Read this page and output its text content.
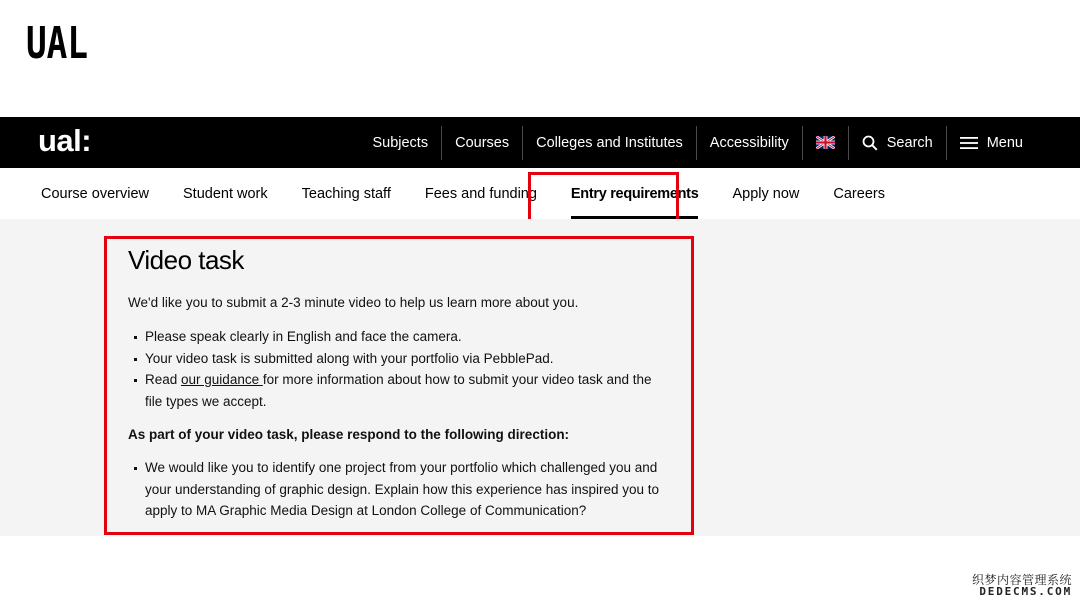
UAL
ual:	Subjects	Courses	Colleges and Institutes	Accessibility	Search	Menu
Course overview	Student work	Teaching staff	Fees and funding	Entry requirements	Apply now	Careers
Video task

We'd like you to submit a 2-3 minute video to help us learn more about you.

Please speak clearly in English and face the camera.
Your video task is submitted along with your portfolio via PebblePad.
Read our guidance for more information about how to submit your video task and the file types we accept.

As part of your video task, please respond to the following direction:

We would like you to identify one project from your portfolio which challenged you and your understanding of graphic design. Explain how this experience has inspired you to apply to MA Graphic Media Design at London College of Communication?
织梦内容管理系统
DEDECMS.COM
